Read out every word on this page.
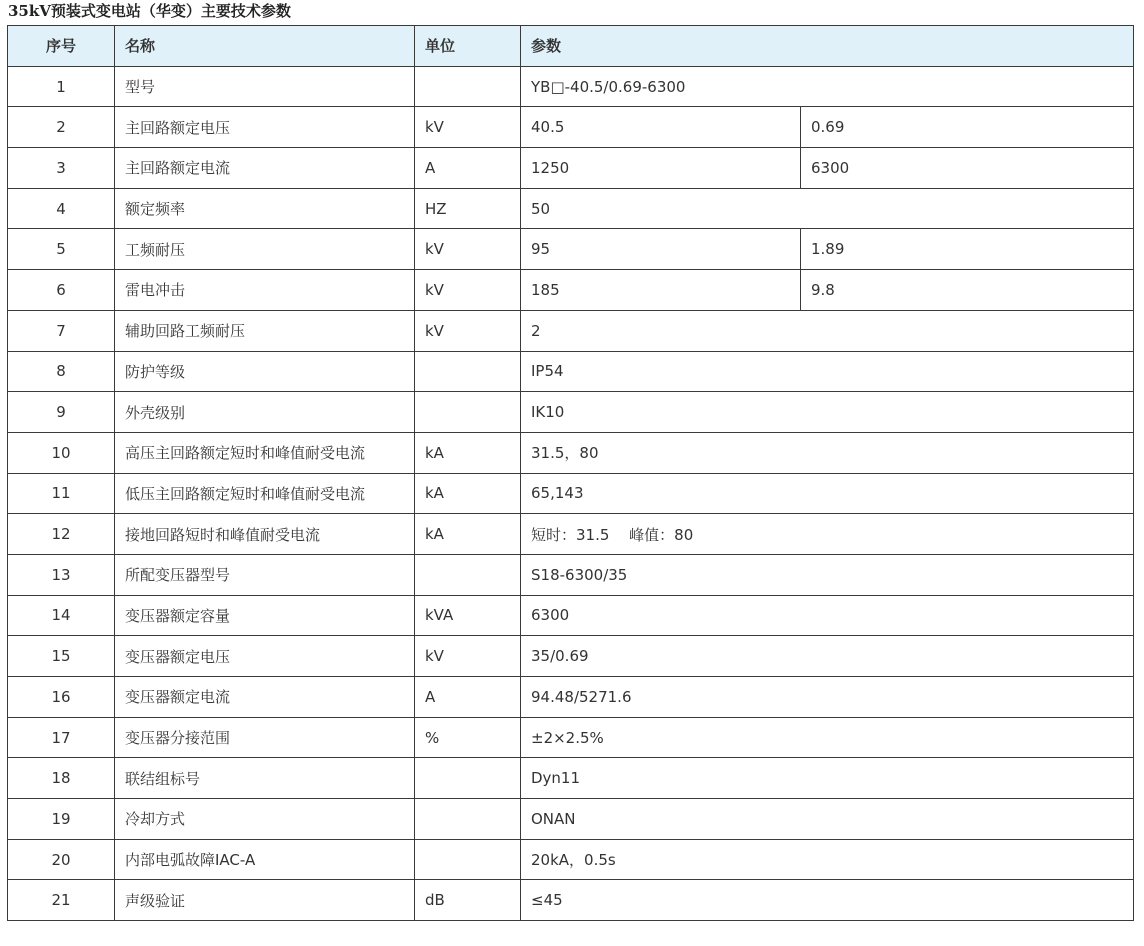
35kV预装式变电站（华变）主要技术参数
序号	名称	单位	参数	
1	型号		YB□-40.5/0.69-6300	
2	主回路额定电压	kV	40.5	0.69
3	主回路额定电流	A	1250	6300
4	额定频率	HZ	50	
5	工频耐压	kV	95	1.89
6	雷电冲击	kV	185	9.8
7	辅助回路工频耐压	kV	2	
8	防护等级		IP54	
9	外壳级别		IK10	
10	高压主回路额定短时和峰值耐受电流	kA	31.5，80	
11	低压主回路额定短时和峰值耐受电流	kA	65,143	
12	接地回路短时和峰值耐受电流	kA	短时：31.5　 峰值：80	
13	所配变压器型号		S18-6300/35	
14	变压器额定容量	kVA	6300	
15	变压器额定电压	kV	35/0.69	
16	变压器额定电流	A	94.48/5271.6	
17	变压器分接范围	%	±2×2.5%	
18	联结组标号		Dyn11	
19	冷却方式		ONAN	
20	内部电弧故障IAC-A		20kA，0.5s	
21	声级验证	dB	≤45	
